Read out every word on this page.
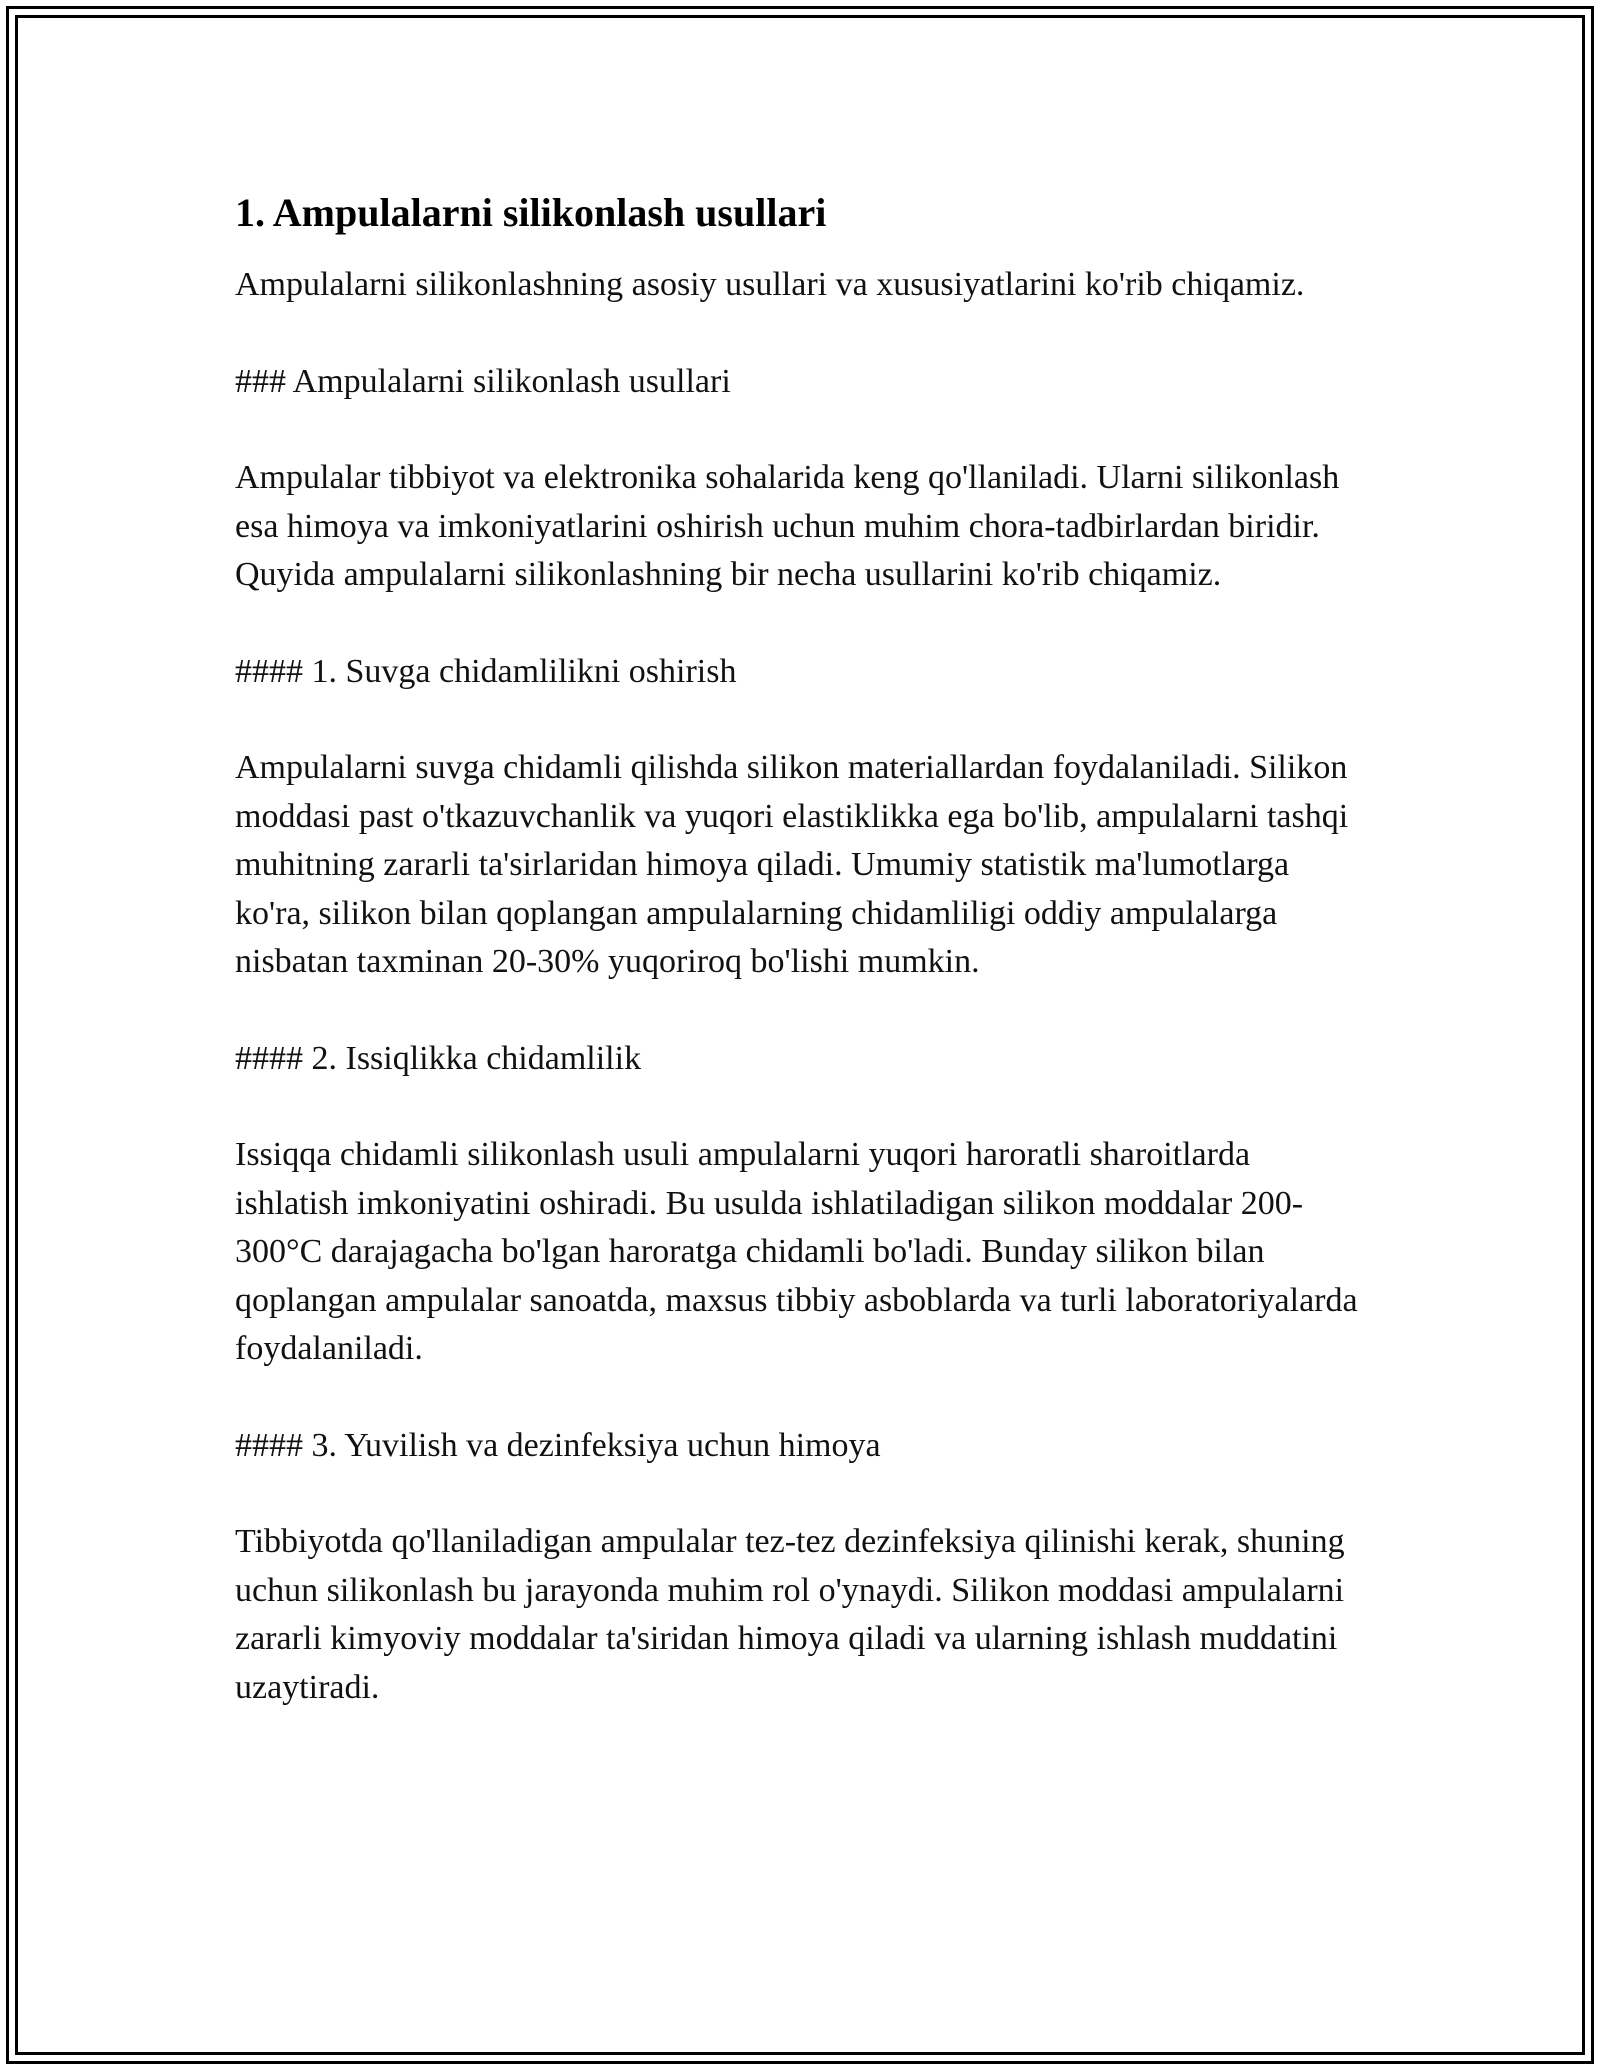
1. Ampulalarni silikonlash usullari

Ampulalarni silikonlashning asosiy usullari va xususiyatlarini ko'rib chiqamiz.

### Ampulalarni silikonlash usullari

Ampulalar tibbiyot va elektronika sohalarida keng qo'llaniladi. Ularni silikonlash esa himoya va imkoniyatlarini oshirish uchun muhim chora-tadbirlardan biridir. Quyida ampulalarni silikonlashning bir necha usullarini ko'rib chiqamiz.

#### 1. Suvga chidamlilikni oshirish

Ampulalarni suvga chidamli qilishda silikon materiallardan foydalaniladi. Silikon moddasi past o'tkazuvchanlik va yuqori elastiklikka ega bo'lib, ampulalarni tashqi muhitning zararli ta'sirlaridan himoya qiladi. Umumiy statistik ma'lumotlarga ko'ra, silikon bilan qoplangan ampulalarning chidamliligi oddiy ampulalarga nisbatan taxminan 20-30% yuqoriroq bo'lishi mumkin.

#### 2. Issiqlikka chidamlilik

Issiqqa chidamli silikonlash usuli ampulalarni yuqori haroratli sharoitlarda ishlatish imkoniyatini oshiradi. Bu usulda ishlatiladigan silikon moddalar 200-300°C darajagacha bo'lgan haroratga chidamli bo'ladi. Bunday silikon bilan qoplangan ampulalar sanoatda, maxsus tibbiy asboblarda va turli laboratoriyalarda foydalaniladi.

#### 3. Yuvilish va dezinfeksiya uchun himoya

Tibbiyotda qo'llaniladigan ampulalar tez-tez dezinfeksiya qilinishi kerak, shuning uchun silikonlash bu jarayonda muhim rol o'ynaydi. Silikon moddasi ampulalarni zararli kimyoviy moddalar ta'siridan himoya qiladi va ularning ishlash muddatini uzaytiradi.
